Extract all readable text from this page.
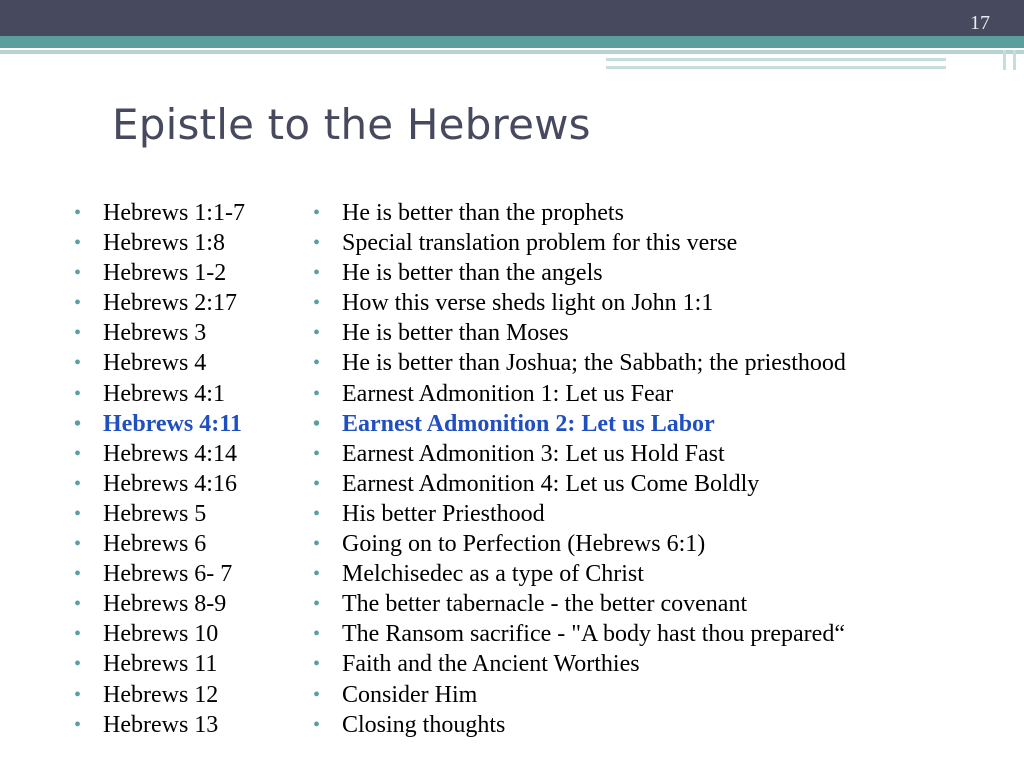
17
Epistle to the Hebrews
• Hebrews 1:1-7
• Hebrews 1:8
• Hebrews 1-2
• Hebrews 2:17
• Hebrews 3
• Hebrews 4
• Hebrews 4:1
• Hebrews 4:11
• Hebrews 4:14
• Hebrews 4:16
• Hebrews 5
• Hebrews 6
• Hebrews 6- 7
• Hebrews 8-9
• Hebrews 10
• Hebrews 11
• Hebrews 12
• Hebrews 13
• He is better than the prophets
• Special translation problem for this verse
• He is better than the angels
• How this verse sheds light on John 1:1
• He is better than Moses
• He is better than Joshua; the Sabbath; the priesthood
• Earnest Admonition 1: Let us Fear
• Earnest Admonition 2: Let us Labor
• Earnest Admonition 3: Let us Hold Fast
• Earnest Admonition 4: Let us Come Boldly
• His better Priesthood
• Going on to Perfection (Hebrews 6:1)
• Melchisedec as a type of Christ
• The better tabernacle - the better covenant
• The Ransom sacrifice - "A body hast thou prepared“
• Faith and the Ancient Worthies
• Consider Him
• Closing thoughts
